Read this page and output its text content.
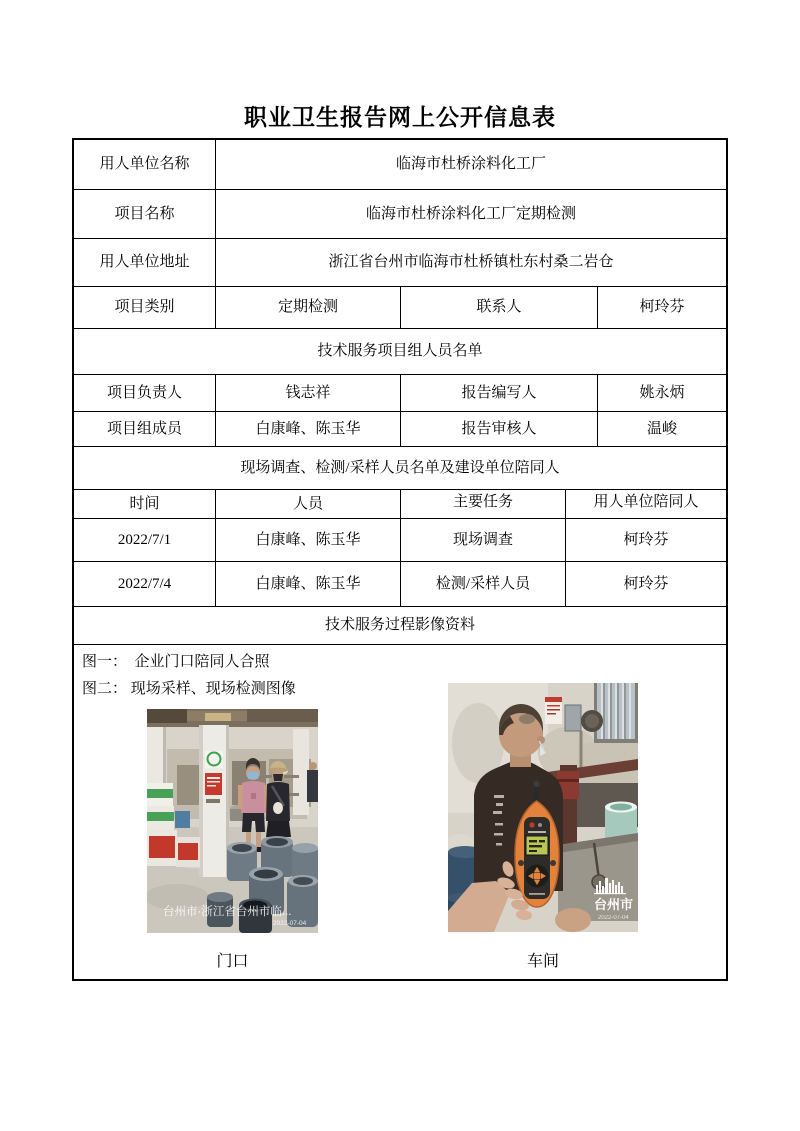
职业卫生报告网上公开信息表
用人单位名称	临海市杜桥涂料化工厂
项目名称	临海市杜桥涂料化工厂定期检测
用人单位地址	浙江省台州市临海市杜桥镇杜东村桑二岩仓
项目类别	定期检测	联系人	柯玲芬
技术服务项目组人员名单
项目负责人	钱志祥	报告编写人	姚永炳
项目组成员	白康峰、陈玉华	报告审核人	温峻
现场调查、检测/采样人员名单及建设单位陪同人
时间	人员	主要任务	用人单位陪同人
2022/7/1	白康峰、陈玉华	现场调查	柯玲芬
2022/7/4	白康峰、陈玉华	检测/采样人员	柯玲芬
技术服务过程影像资料
图一：  企业门口陪同人合照
图二： 现场采样、现场检测图像
台州市·浙江省台州市临...
2022-07-04
台州市
2022-07-04
门口	车间
